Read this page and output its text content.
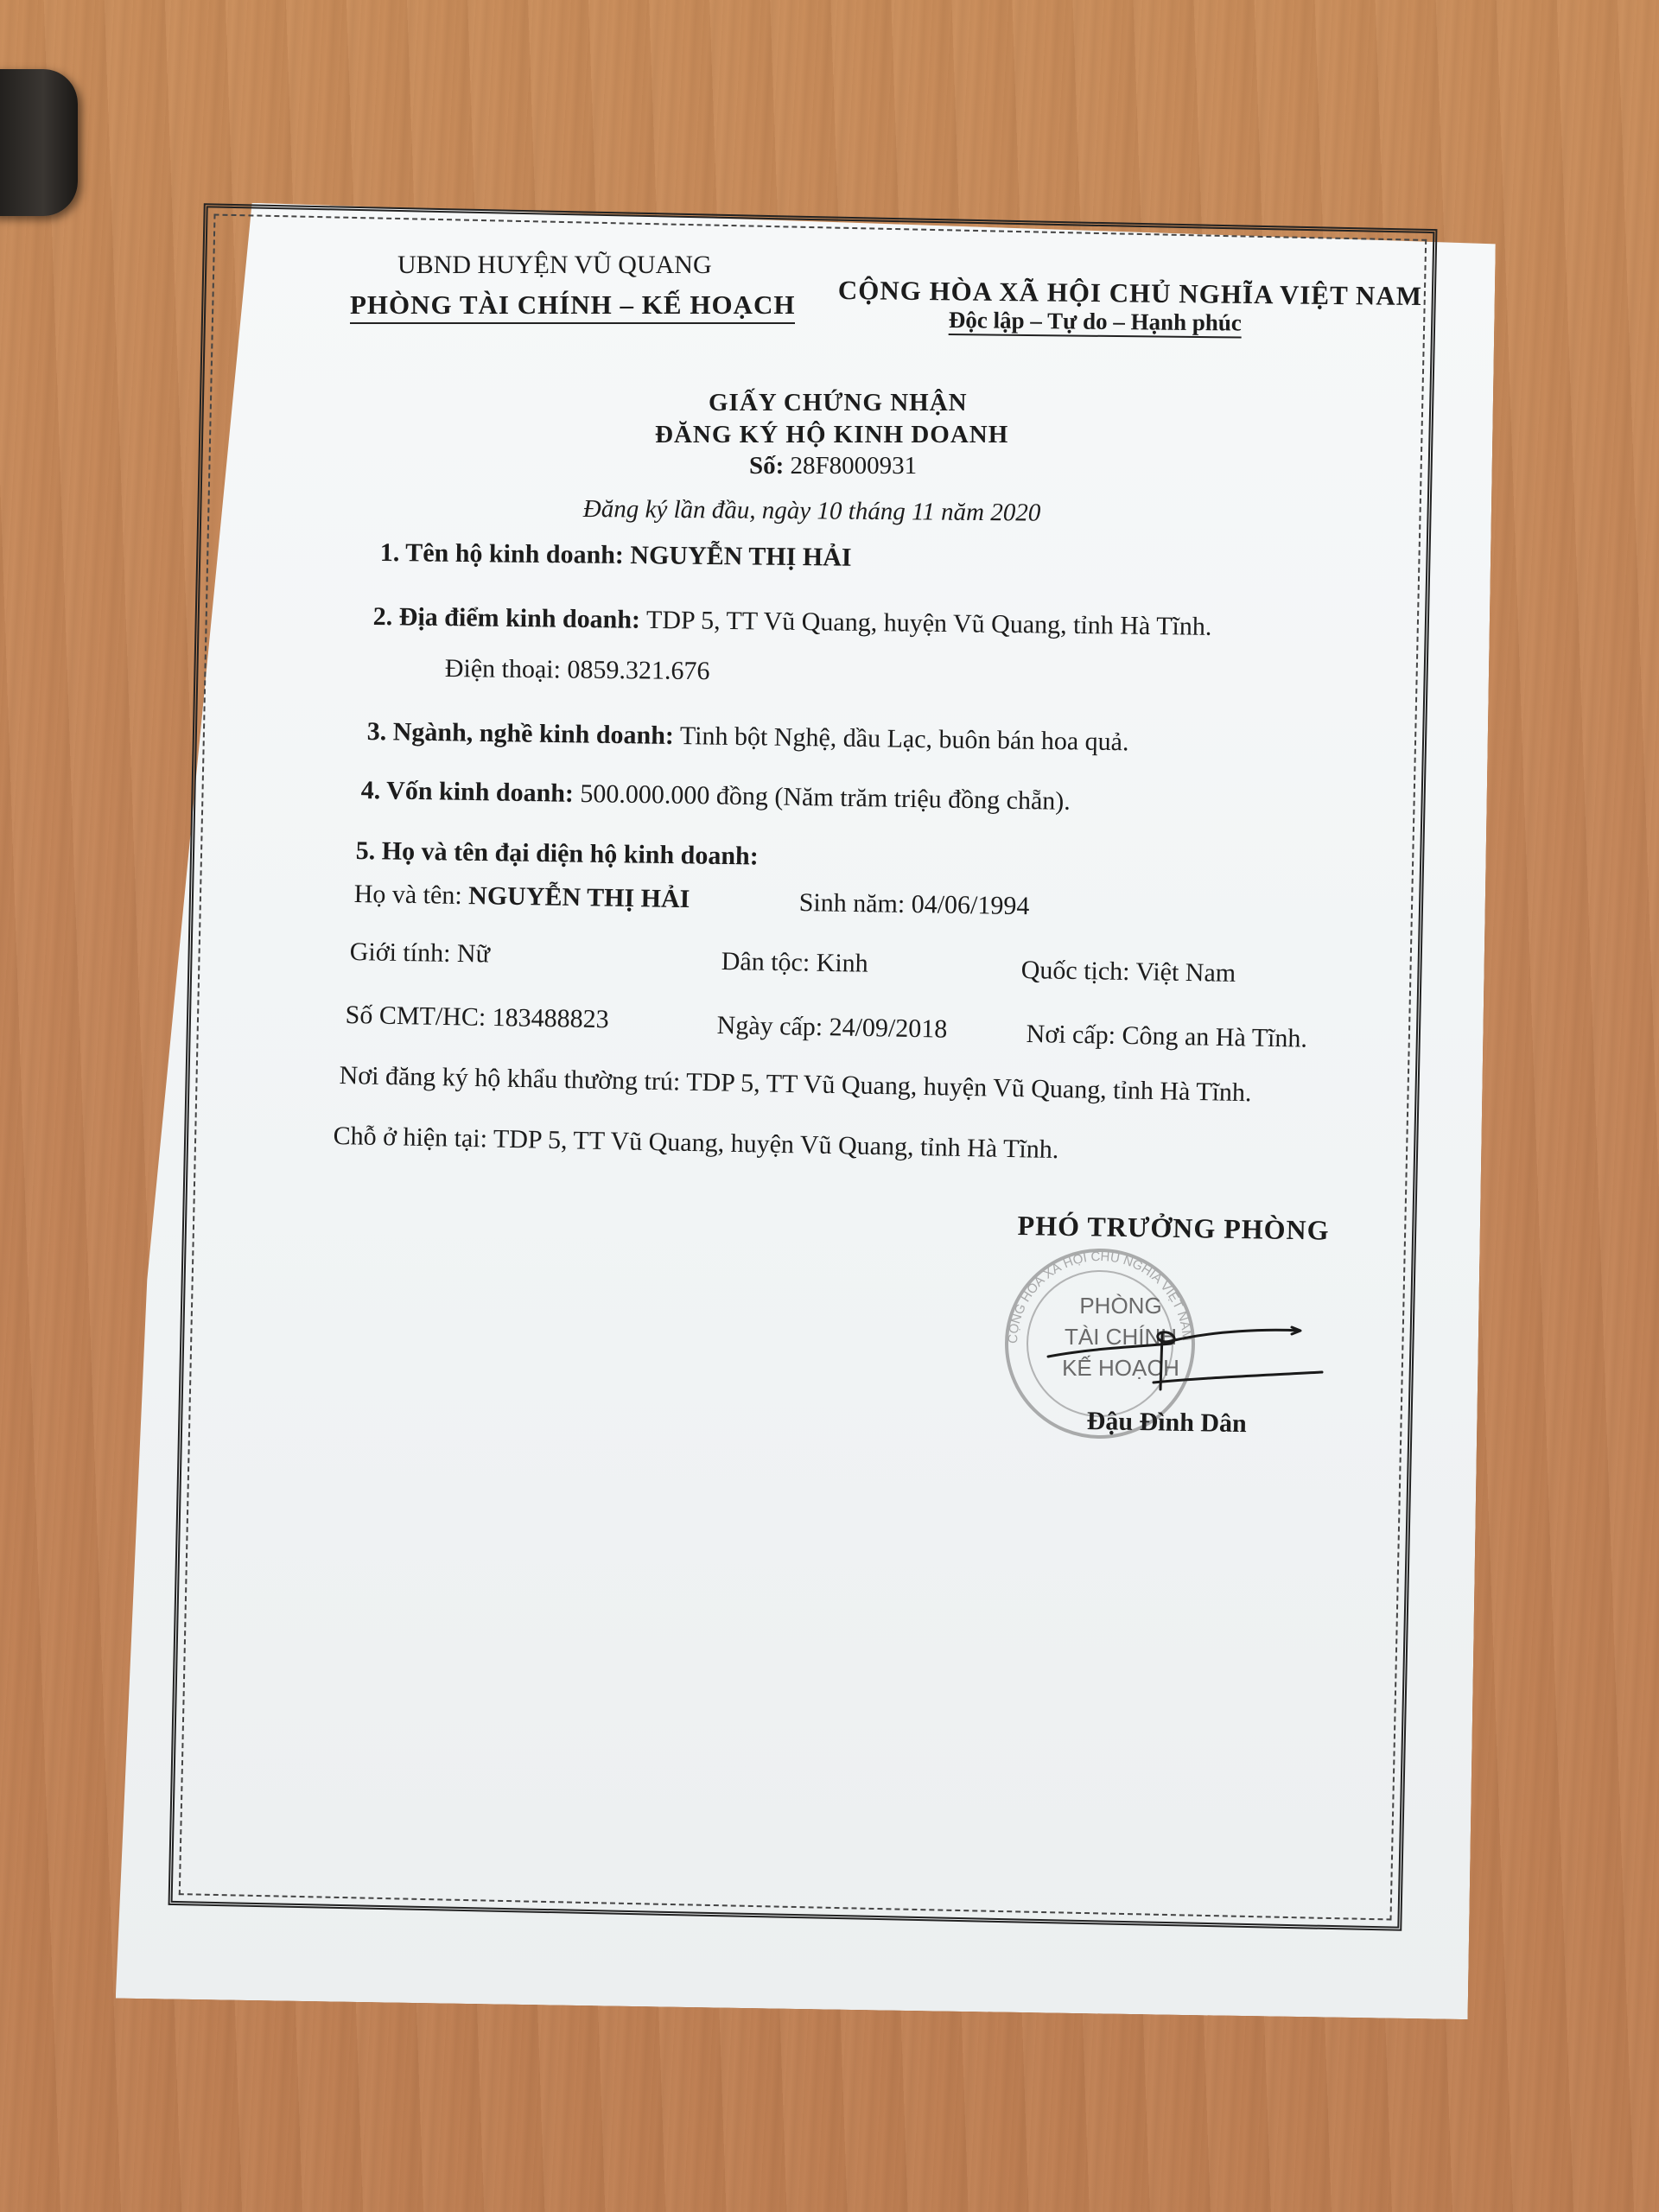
UBND HUYỆN VŨ QUANG
PHÒNG TÀI CHÍNH – KẾ HOẠCH CỘNG HÒA XÃ HỘI CHỦ NGHĨA VIỆT NAM
Độc lập – Tự do – Hạnh phúc
GIẤY CHỨNG NHẬN
ĐĂNG KÝ HỘ KINH DOANH
Số: 28F8000931
Đăng ký lần đầu, ngày 10 tháng 11 năm 2020
1. Tên hộ kinh doanh: NGUYỄN THỊ HẢI
2. Địa điểm kinh doanh: TDP 5, TT Vũ Quang, huyện Vũ Quang, tỉnh Hà Tĩnh.
Điện thoại: 0859.321.676
3. Ngành, nghề kinh doanh: Tinh bột Nghệ, dầu Lạc, buôn bán hoa quả.
4. Vốn kinh doanh: 500.000.000 đồng (Năm trăm triệu đồng chẵn).
5. Họ và tên đại diện hộ kinh doanh:
Họ và tên: NGUYỄN THỊ HẢI	Sinh năm: 04/06/1994
Giới tính: Nữ	Dân tộc: Kinh	Quốc tịch: Việt Nam
Số CMT/HC: 183488823	Ngày cấp: 24/09/2018	Nơi cấp: Công an Hà Tĩnh.
Nơi đăng ký hộ khẩu thường trú: TDP 5, TT Vũ Quang, huyện Vũ Quang, tỉnh Hà Tĩnh.
Chỗ ở hiện tại: TDP 5, TT Vũ Quang, huyện Vũ Quang, tỉnh Hà Tĩnh.
PHÓ TRƯỞNG PHÒNG
CỘNG HÒA XÃ HỘI CHỦ NGHĨA VIỆT NAM
PHÒNG
TÀI CHÍNH
KẾ HOẠCH
Đậu Đình Dân
